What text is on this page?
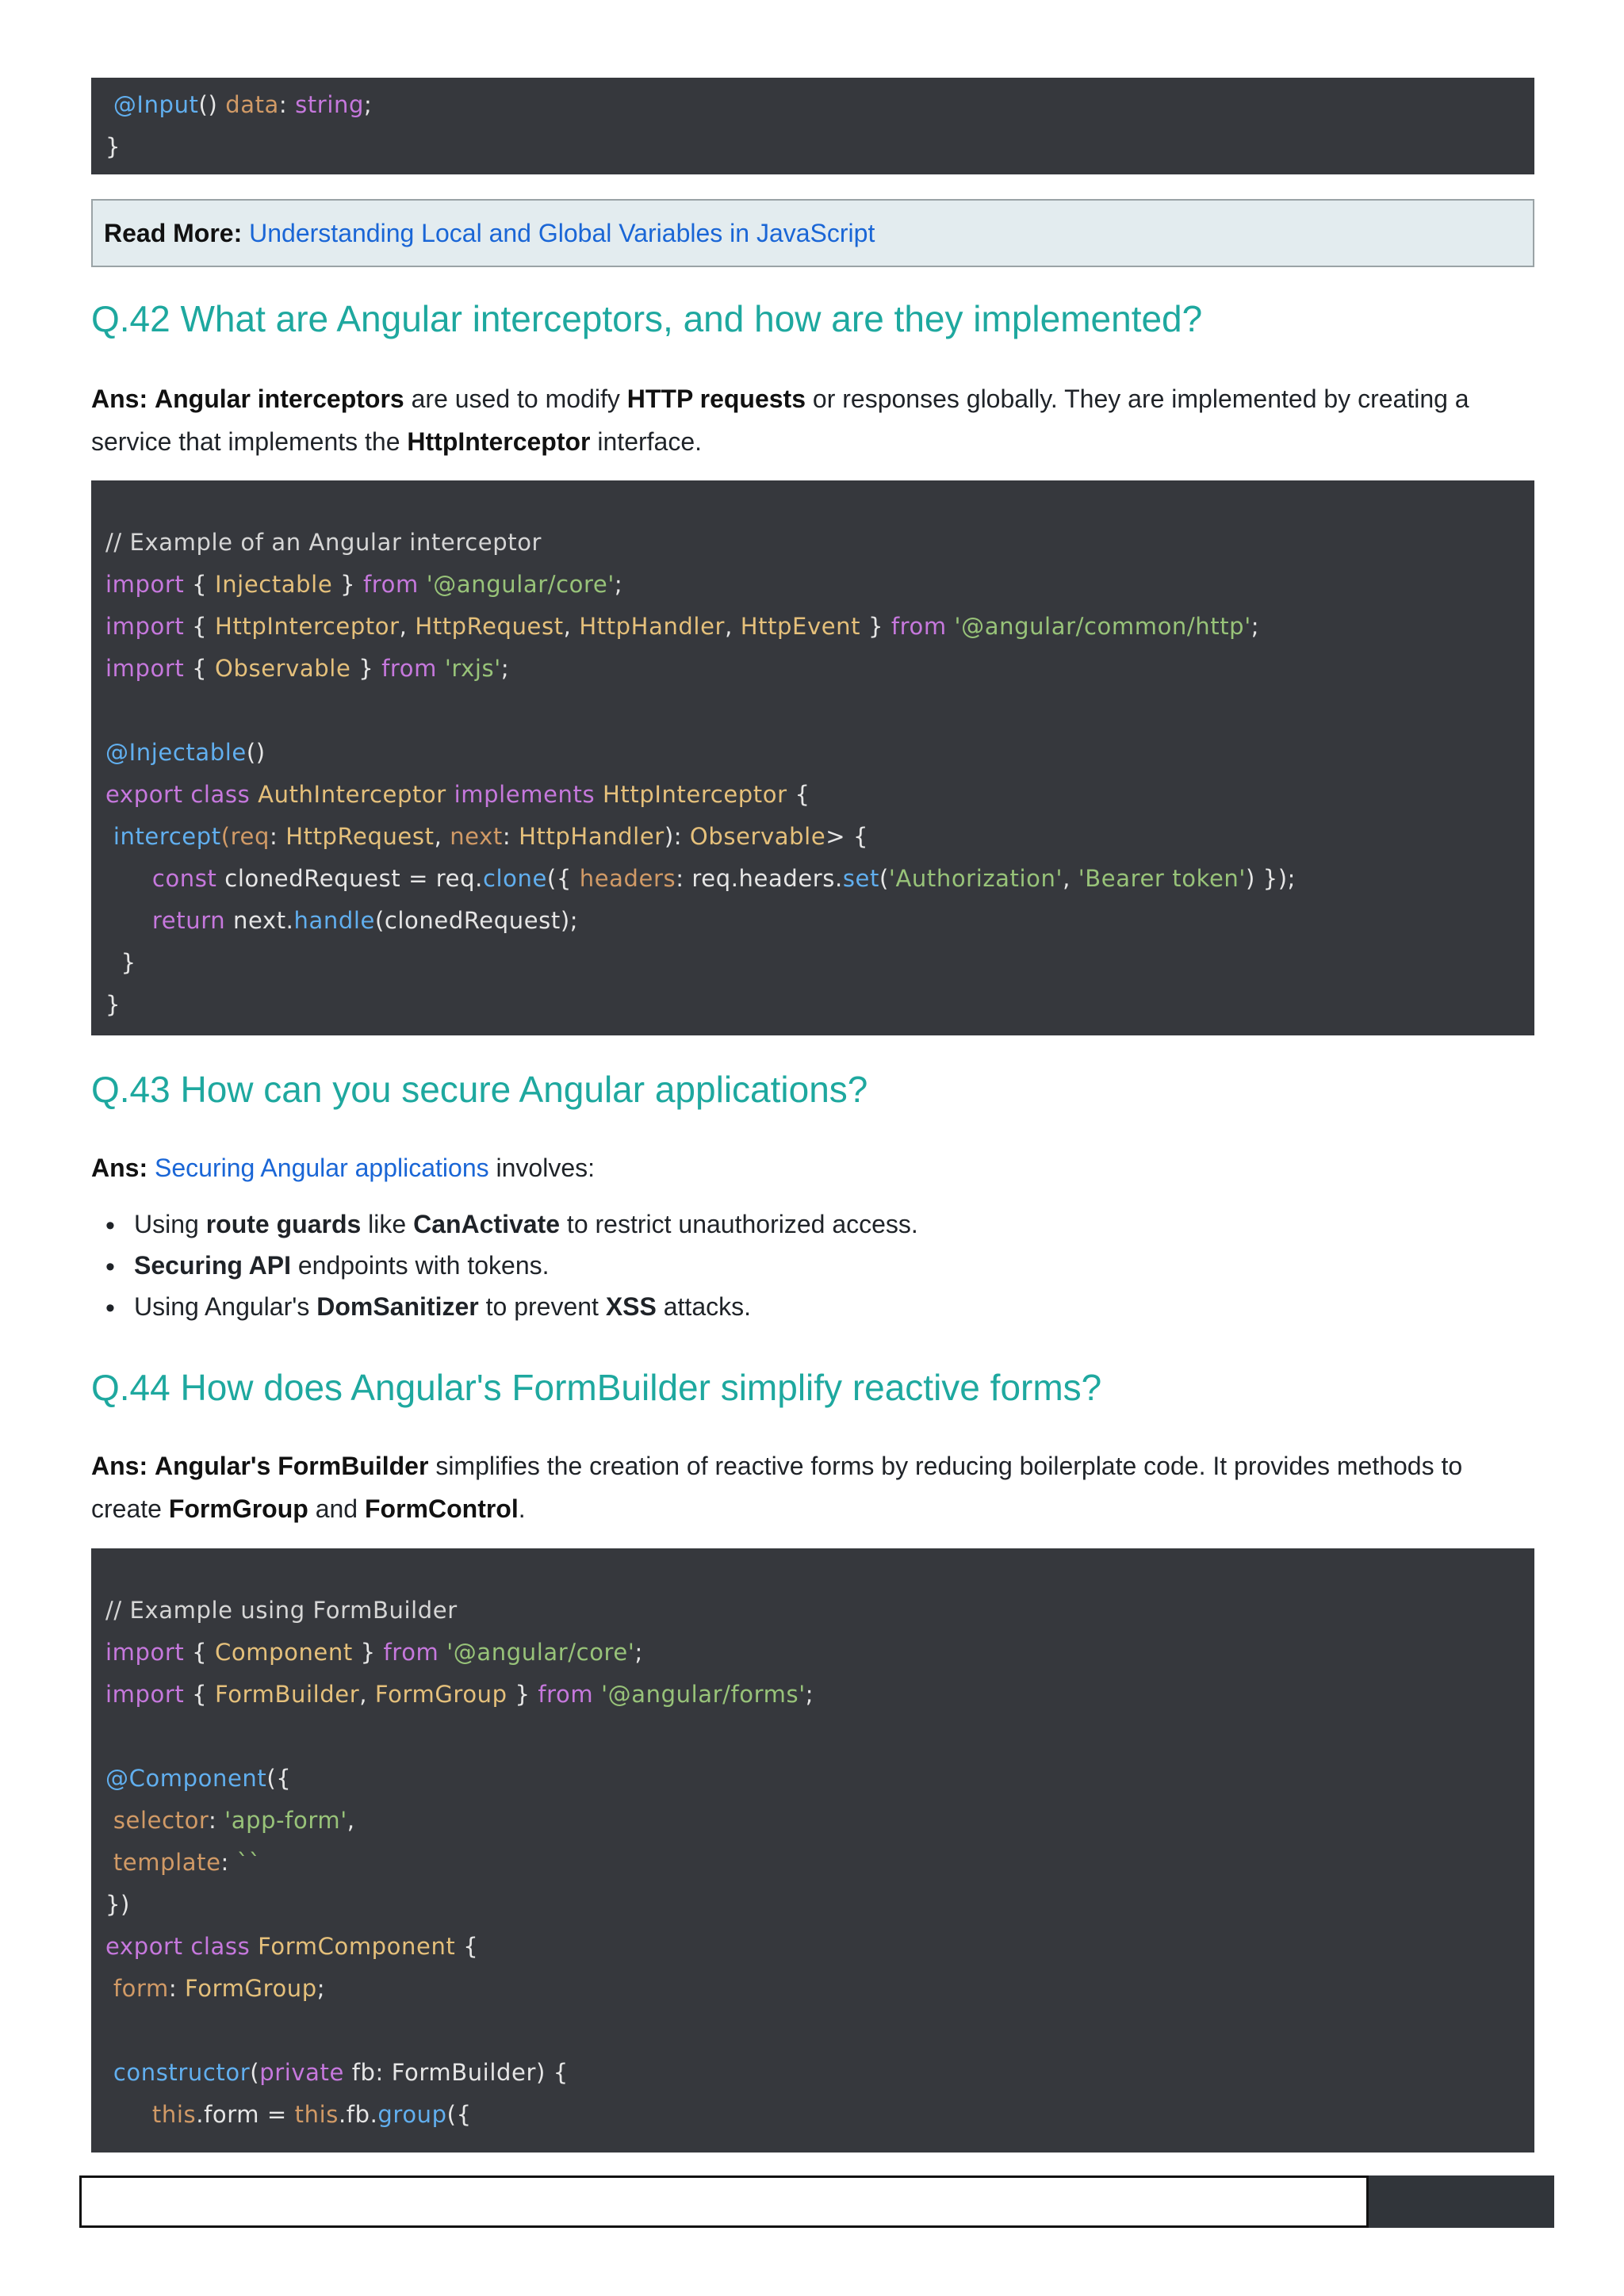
@Input() data: string;
}
Read More: Understanding Local and Global Variables in JavaScript
Q.42 What are Angular interceptors, and how are they implemented?
Ans: Angular interceptors are used to modify HTTP requests or responses globally. They are implemented by creating a service that implements the HttpInterceptor interface.
// Example of an Angular interceptor
import { Injectable } from '@angular/core';
import { HttpInterceptor, HttpRequest, HttpHandler, HttpEvent } from '@angular/common/http';
import { Observable } from 'rxjs';

@Injectable()
export class AuthInterceptor implements HttpInterceptor {
intercept(req: HttpRequest, next: HttpHandler): Observable> {
const clonedRequest = req.clone({ headers: req.headers.set('Authorization', 'Bearer token') });
return next.handle(clonedRequest);
}
}
Q.43 How can you secure Angular applications?
Ans: Securing Angular applications involves:
• Using route guards like CanActivate to restrict unauthorized access.
• Securing API endpoints with tokens.
• Using Angular's DomSanitizer to prevent XSS attacks.
Q.44 How does Angular's FormBuilder simplify reactive forms?
Ans: Angular's FormBuilder simplifies the creation of reactive forms by reducing boilerplate code. It provides methods to create FormGroup and FormControl.
// Example using FormBuilder
import { Component } from '@angular/core';
import { FormBuilder, FormGroup } from '@angular/forms';

@Component({
selector: 'app-form',
template: ``
})
export class FormComponent {
form: FormGroup;

constructor(private fb: FormBuilder) {
this.form = this.fb.group({
